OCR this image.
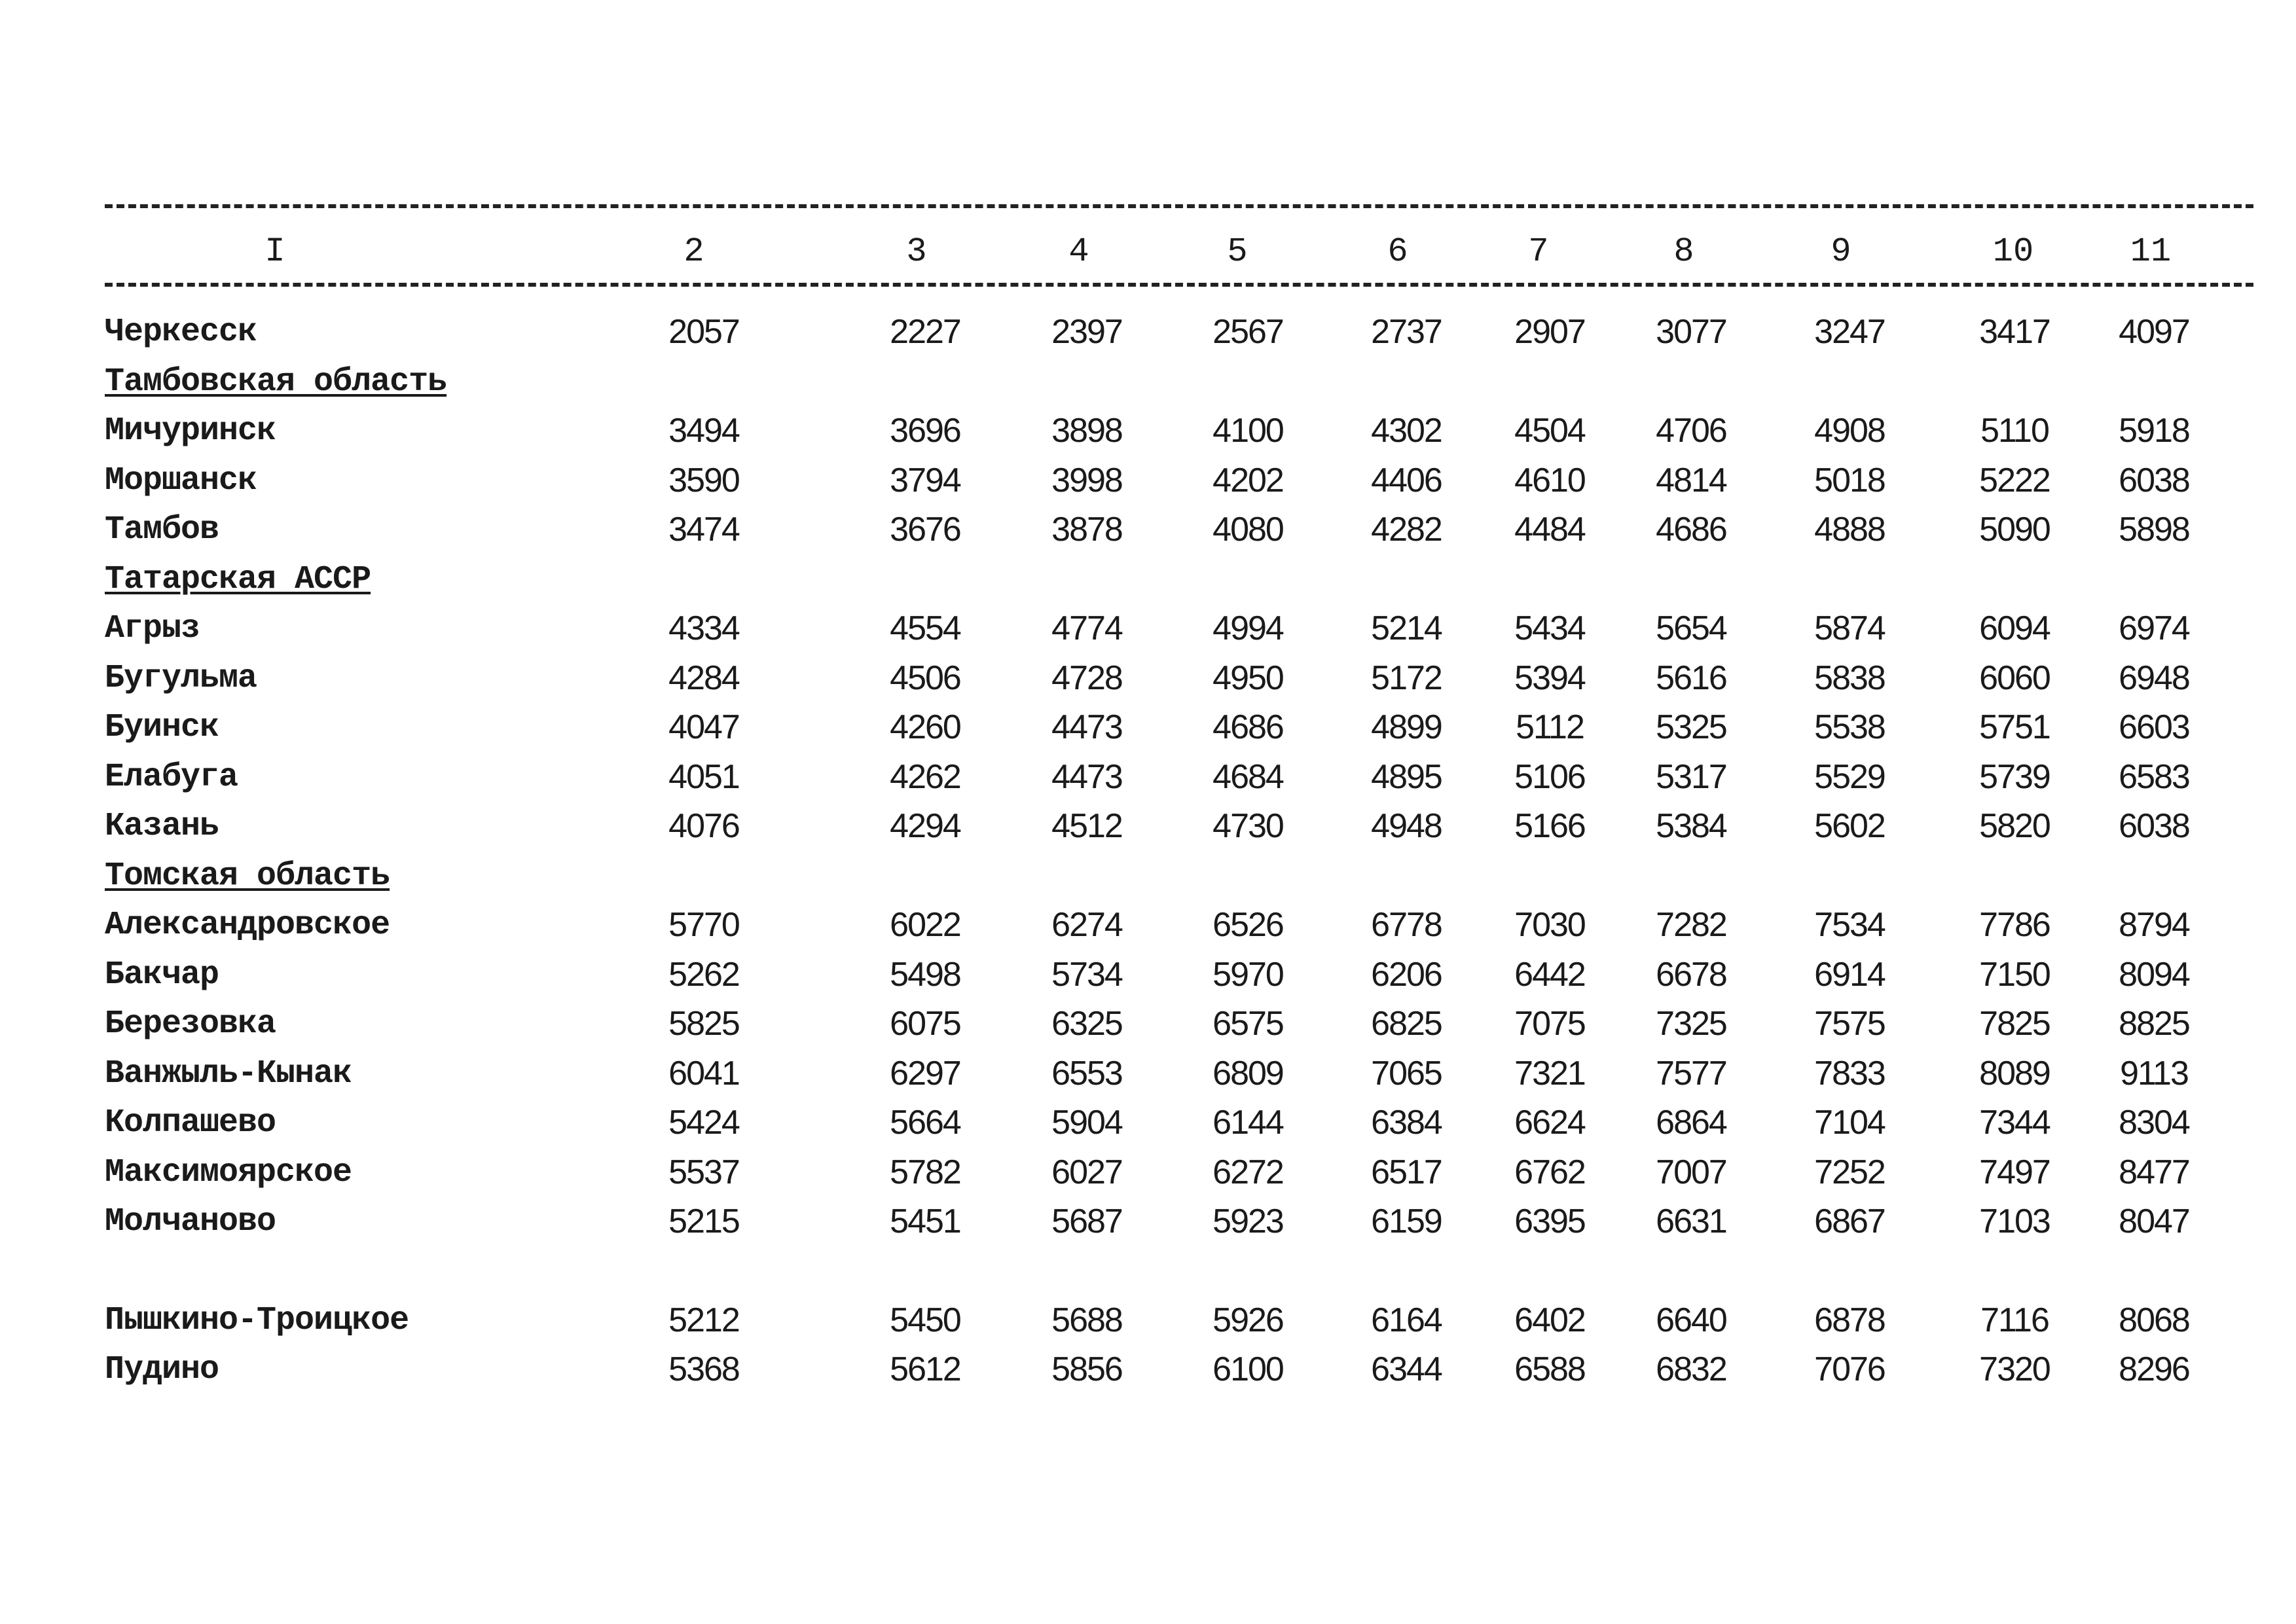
I	2	3	4	5	6	7	8	9	10	11
Черкесск	2057	2227	2397	2567	2737	2907	3077	3247	3417	4097
Тамбовская область
Мичуринск	3494	3696	3898	4100	4302	4504	4706	4908	5110	5918
Моршанск	3590	3794	3998	4202	4406	4610	4814	5018	5222	6038
Тамбов	3474	3676	3878	4080	4282	4484	4686	4888	5090	5898
Татарская АССР
Агрыз	4334	4554	4774	4994	5214	5434	5654	5874	6094	6974
Бугульма	4284	4506	4728	4950	5172	5394	5616	5838	6060	6948
Буинск	4047	4260	4473	4686	4899	5112	5325	5538	5751	6603
Елабуга	4051	4262	4473	4684	4895	5106	5317	5529	5739	6583
Казань	4076	4294	4512	4730	4948	5166	5384	5602	5820	6038
Томская область
Александровское	5770	6022	6274	6526	6778	7030	7282	7534	7786	8794
Бакчар	5262	5498	5734	5970	6206	6442	6678	6914	7150	8094
Березовка	5825	6075	6325	6575	6825	7075	7325	7575	7825	8825
Ванжыль-Кынак	6041	6297	6553	6809	7065	7321	7577	7833	8089	9113
Колпашево	5424	5664	5904	6144	6384	6624	6864	7104	7344	8304
Максимоярское	5537	5782	6027	6272	6517	6762	7007	7252	7497	8477
Молчаново	5215	5451	5687	5923	6159	6395	6631	6867	7103	8047
Пышкино-Троицкое	5212	5450	5688	5926	6164	6402	6640	6878	7116	8068
Пудино	5368	5612	5856	6100	6344	6588	6832	7076	7320	8296
